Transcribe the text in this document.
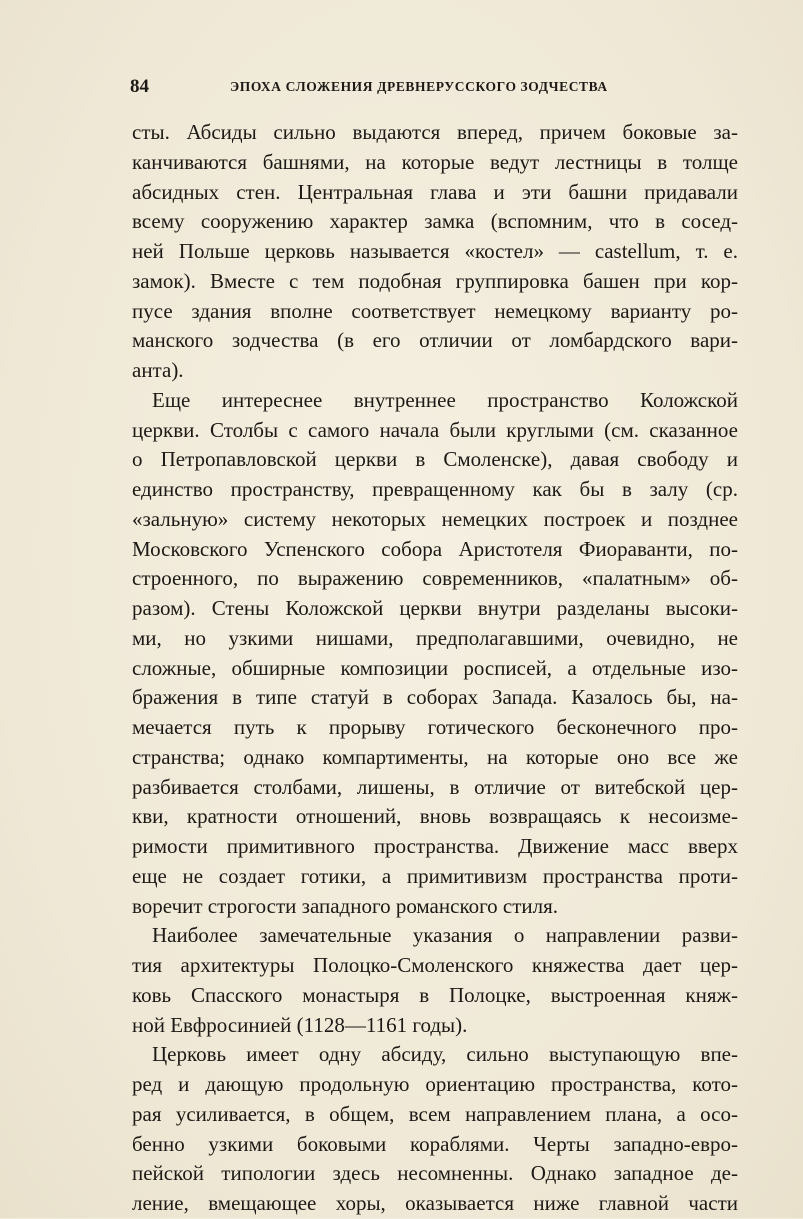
84	ЭПОХА СЛОЖЕНИЯ ДРЕВНЕРУССКОГО ЗОДЧЕСТВА
сты. Абсиды сильно выдаются вперед, причем боковые за-
канчиваются башнями, на которые ведут лестницы в толще
абсидных стен. Центральная глава и эти башни придавали
всему сооружению характер замка (вспомним, что в сосед-
ней Польше церковь называется «костел» — castellum, т. е.
замок). Вместе с тем подобная группировка башен при кор-
пусе здания вполне соответствует немецкому варианту ро-
манского зодчества (в его отличии от ломбардского вари-
анта).
Еще интереснее внутреннее пространство Коложской
церкви. Столбы с самого начала были круглыми (см. сказанное
о Петропавловской церкви в Смоленске), давая свободу и
единство пространству, превращенному как бы в залу (ср.
«зальную» систему некоторых немецких построек и позднее
Московского Успенского собора Аристотеля Фиораванти, по-
строенного, по выражению современников, «палатным» об-
разом). Стены Коложской церкви внутри разделаны высоки-
ми, но узкими нишами, предполагавшими, очевидно, не
сложные, обширные композиции росписей, а отдельные изо-
бражения в типе статуй в соборах Запада. Казалось бы, на-
мечается путь к прорыву готического бесконечного про-
странства; однако компартименты, на которые оно все же
разбивается столбами, лишены, в отличие от витебской цер-
кви, кратности отношений, вновь возвращаясь к несоизме-
римости примитивного пространства. Движение масс вверх
еще не создает готики, а примитивизм пространства проти-
воречит строгости западного романского стиля.
Наиболее замечательные указания о направлении разви-
тия архитектуры Полоцко-Смоленского княжества дает цер-
ковь Спасского монастыря в Полоцке, выстроенная княж-
ной Евфросинией (1128—1161 годы).
Церковь имеет одну абсиду, сильно выступающую впе-
ред и дающую продольную ориентацию пространства, кото-
рая усиливается, в общем, всем направлением плана, а осо-
бенно узкими боковыми кораблями. Черты западно-евро-
пейской типологии здесь несомненны. Однако западное де-
ление, вмещающее хоры, оказывается ниже главной части
